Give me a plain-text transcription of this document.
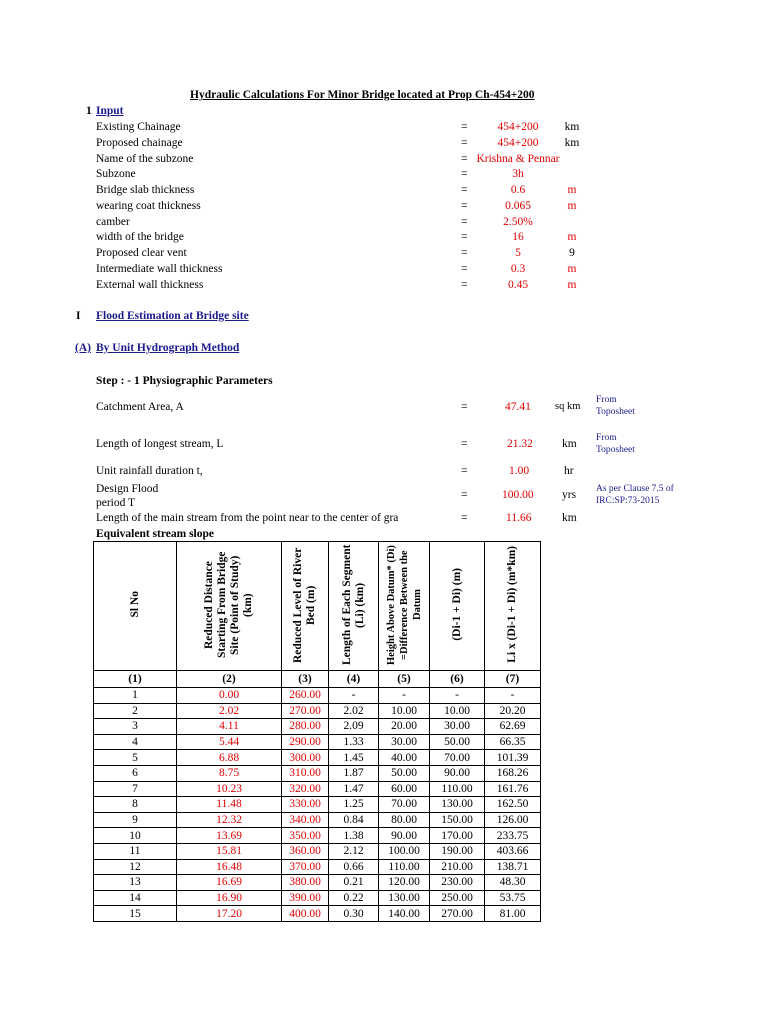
Hydraulic Calculations For Minor Bridge located at Prop Ch-454+200
1 Input
Existing Chainage	=	454+200	km
Proposed chainage	=	454+200	km
Name of the subzone	= Krishna & Pennar
Subzone	=	3h
Bridge slab thickness	=	0.6	m
wearing coat thickness	=	0.065	m
camber	=	2.50%
width of the bridge	=	16	m
Proposed clear vent	=	5	9
Intermediate wall thickness	=	0.3	m
External wall thickness	=	0.45	m
I Flood Estimation at Bridge site
(A) By Unit Hydrograph Method
Step : - 1 Physiographic Parameters
Catchment Area, A	=	47.41 sq km
From Toposheet
Length of longest stream, L	=	21.32	km From Toposheet
Unit rainfall duration t,	=	1.00	hr
Design Flood period T
=	100.00 yrs As per Clause 7.5 of IRC:SP:73-2015
Length of the main stream from the point near to the center of gra	=	11.66	km
Equivalent stream slope
Sl No	Reduced Distance Starting From Bridge Site (Point of Study) (km)	Reduced Level of River Bed (m)	Length of Each Segment (Li) (km)	Height Above Datum* (Di) =Difference Between the Datum	(Di-1 + Di) (m)	Li x (Di-1 + Di) (m*km)
(1)	(2)	(3)	(4)	(5)	(6)	(7)
1	0.00	260.00	-	-	-	-
2	2.02	270.00	2.02	10.00	10.00	20.20
3	4.11	280.00	2.09	20.00	30.00	62.69
4	5.44	290.00	1.33	30.00	50.00	66.35
5	6.88	300.00	1.45	40.00	70.00	101.39
6	8.75	310.00	1.87	50.00	90.00	168.26
7	10.23	320.00	1.47	60.00	110.00	161.76
8	11.48	330.00	1.25	70.00	130.00	162.50
9	12.32	340.00	0.84	80.00	150.00	126.00
10	13.69	350.00	1.38	90.00	170.00	233.75
11	15.81	360.00	2.12	100.00	190.00	403.66
12	16.48	370.00	0.66	110.00	210.00	138.71
13	16.69	380.00	0.21	120.00	230.00	48.30
14	16.90	390.00	0.22	130.00	250.00	53.75
15	17.20	400.00	0.30	140.00	270.00	81.00
